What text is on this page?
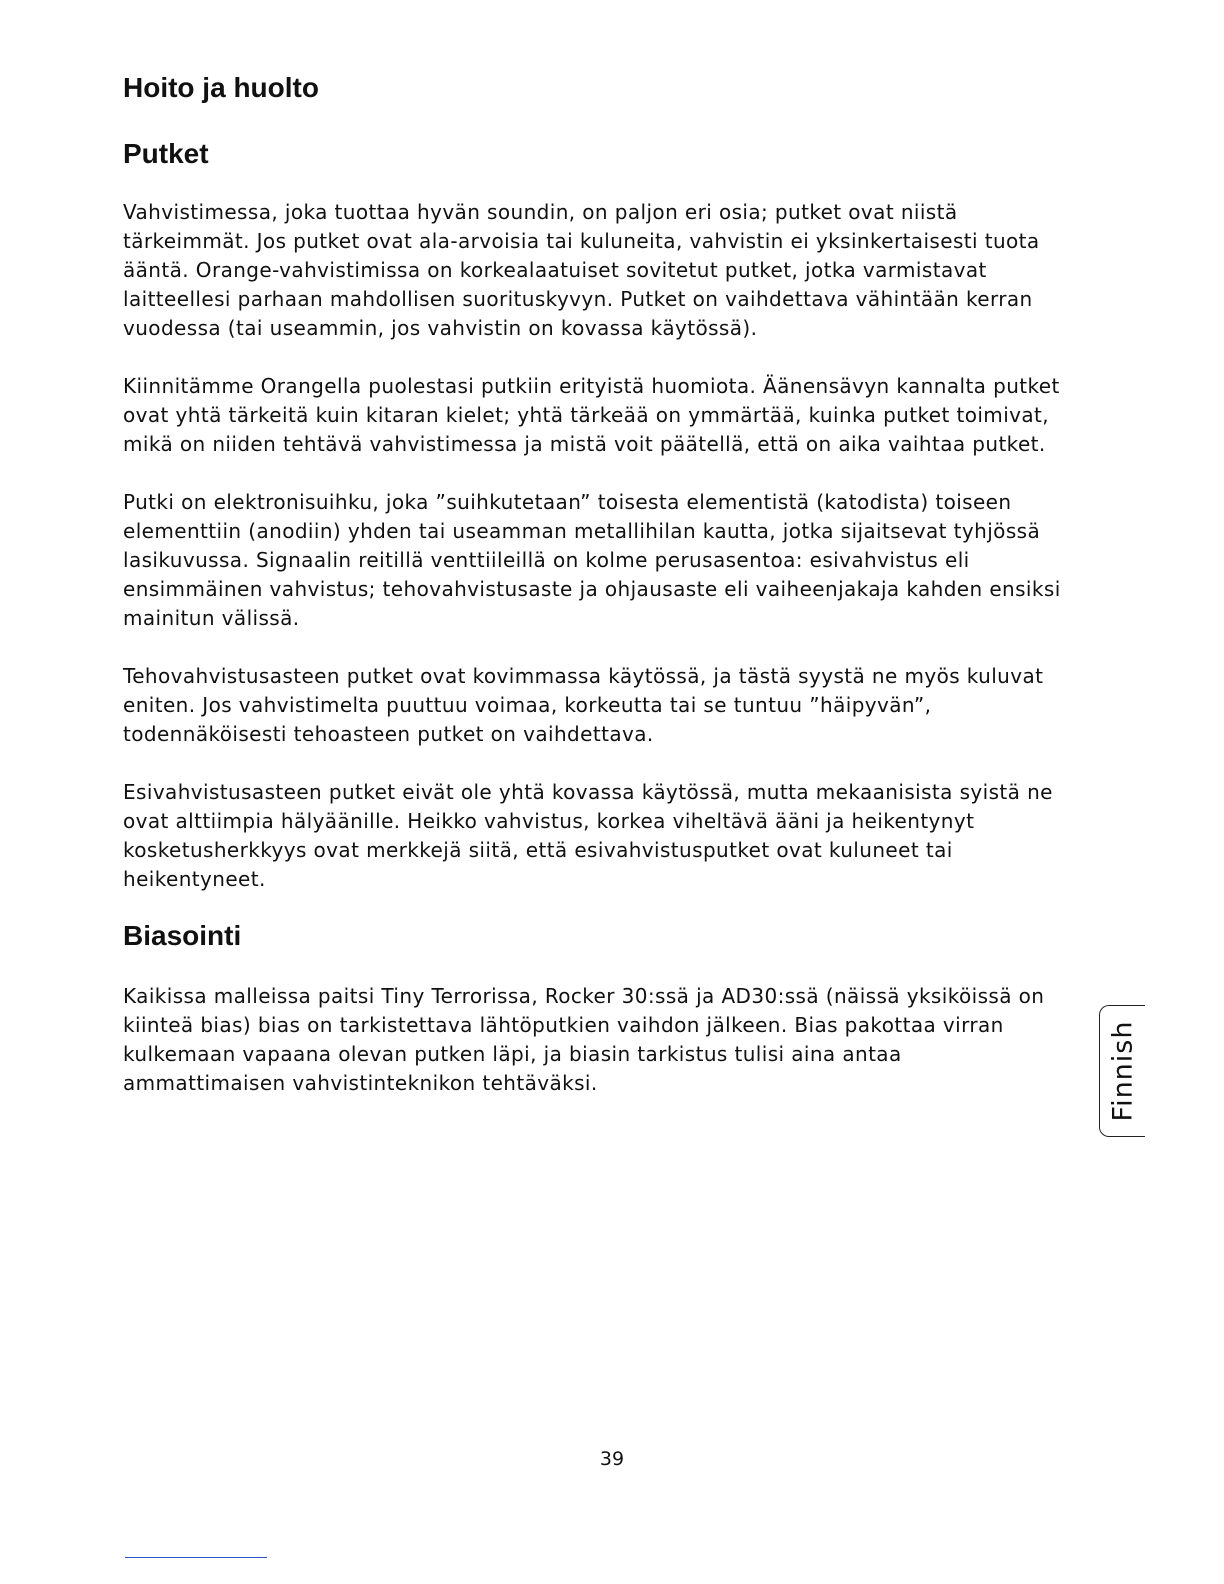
Hoito ja huolto
Putket

Vahvistimessa, joka tuottaa hyvän soundin, on paljon eri osia; putket ovat niistä tärkeimmät. Jos putket ovat ala-arvoisia tai kuluneita, vahvistin ei yksinkertaisesti tuota ääntä. Orange-vahvistimissa on korkealaatuiset sovitetut putket, jotka varmistavat laitteellesi parhaan mahdollisen suorituskyvyn. Putket on vaihdettava vähintään kerran vuodessa (tai useammin, jos vahvistin on kovassa käytössä).

Kiinnitämme Orangella puolestasi putkiin erityistä huomiota. Äänensävyn kannalta putket ovat yhtä tärkeitä kuin kitaran kielet; yhtä tärkeää on ymmärtää, kuinka putket toimivat, mikä on niiden tehtävä vahvistimessa ja mistä voit päätellä, että on aika vaihtaa putket.

Putki on elektronisuihku, joka ”suihkutetaan” toisesta elementistä (katodista) toiseen elementtiin (anodiin) yhden tai useamman metallihilan kautta, jotka sijaitsevat tyhjössä lasikuvussa. Signaalin reitillä venttiileillä on kolme perusasentoa: esivahvistus eli ensimmäinen vahvistus; tehovahvistusaste ja ohjausaste eli vaiheenjakaja kahden ensiksi mainitun välissä.

Tehovahvistusasteen putket ovat kovimmassa käytössä, ja tästä syystä ne myös kuluvat eniten. Jos vahvistimelta puuttuu voimaa, korkeutta tai se tuntuu ”häipyvän”, todennäköisesti tehoasteen putket on vaihdettava.

Esivahvistusasteen putket eivät ole yhtä kovassa käytössä, mutta mekaanisista syistä ne ovat alttiimpia hälyäänille. Heikko vahvistus, korkea viheltävä ääni ja heikentynyt kosketusherkkyys ovat merkkejä siitä, että esivahvistusputket ovat kuluneet tai heikentyneet.

Biasointi

Kaikissa malleissa paitsi Tiny Terrorissa, Rocker 30:ssä ja AD30:ssä (näissä yksiköissä on kiinteä bias) bias on tarkistettava lähtöputkien vaihdon jälkeen. Bias pakottaa virran kulkemaan vapaana olevan putken läpi, ja biasin tarkistus tulisi aina antaa ammattimaisen vahvistinteknikon tehtäväksi.	Finnish
39
